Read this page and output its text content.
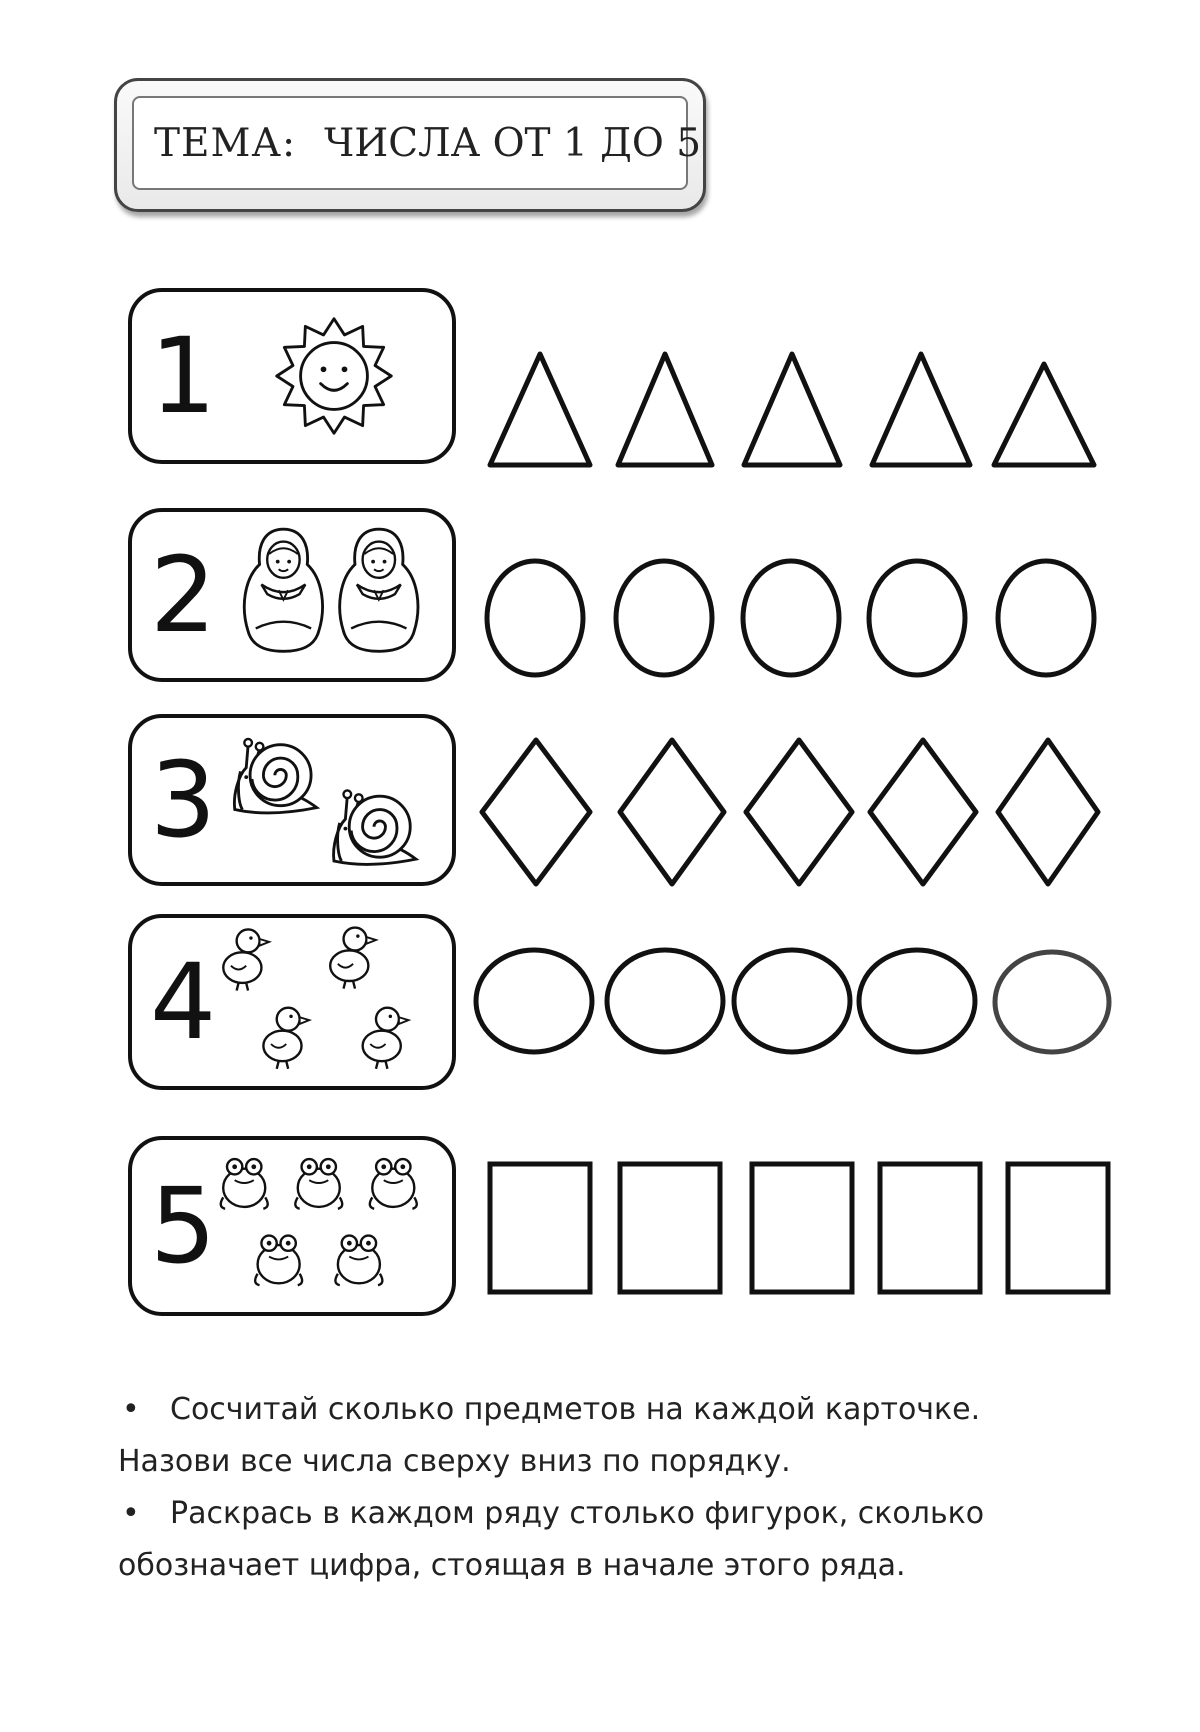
ТЕМА: ЧИСЛА ОТ 1 ДО 5
1
2
3
4
5
• Сосчитай сколько предметов на каждой карточке.
Назови все числа сверху вниз по порядку.
• Раскрась в каждом ряду столько фигурок, сколько
обозначает цифра, стоящая в начале этого ряда.
